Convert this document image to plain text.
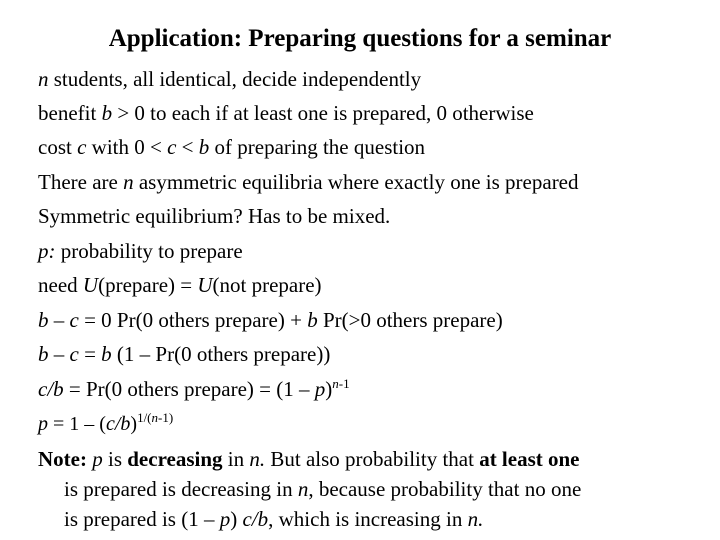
Application: Preparing questions for a seminar
n students, all identical, decide independently
benefit b > 0 to each if at least one is prepared, 0 otherwise
cost c with 0 < c < b of preparing the question
There are n asymmetric equilibria where exactly one is prepared
Symmetric equilibrium? Has to be mixed.
p: probability to prepare
need U(prepare) = U(not prepare)
b – c = 0 Pr(0 others prepare) + b Pr(>0 others prepare)
b – c = b (1 – Pr(0 others prepare))
c/b = Pr(0 others prepare) = (1 – p)$^{n-1}$
$p = 1 - (c/b)^{1/(n-1)}$
Note: p is decreasing in n. But also probability that at least one
is prepared is decreasing in n, because probability that no one
is prepared is (1 – p) c/b, which is increasing in n.
